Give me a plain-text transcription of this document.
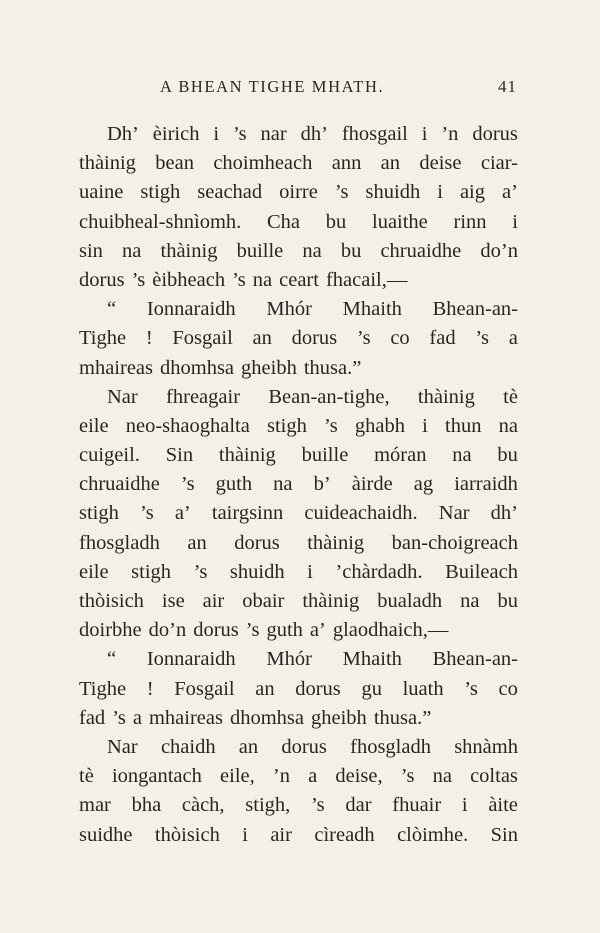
A BHEAN TIGHE MHATH.	41
Dh’ èirich i ’s nar dh’ fhosgail i ’n dorus
thàinig bean choimheach ann an deise ciar-
uaine stigh seachad oirre ’s shuidh i aig a’
chuibheal-shnìomh. Cha bu luaithe rinn i
sin na thàinig buille na bu chruaidhe do’n
dorus ’s èibheach ’s na ceart fhacail,—
“ Ionnaraidh Mhór Mhaith Bhean-an-
Tighe ! Fosgail an dorus ’s co fad ’s a
mhaireas dhomhsa gheibh thusa.”
Nar fhreagair Bean-an-tighe, thàinig tè
eile neo-shaoghalta stigh ’s ghabh i thun na
cuigeil. Sin thàinig buille móran na bu
chruaidhe ’s guth na b’ àirde ag iarraidh
stigh ’s a’ tairgsinn cuideachaidh. Nar dh’
fhosgladh an dorus thàinig ban-choigreach
eile stigh ’s shuidh i ’chàrdadh. Buileach
thòisich ise air obair thàinig bualadh na bu
doirbhe do’n dorus ’s guth a’ glaodhaich,—
“ Ionnaraidh Mhór Mhaith Bhean-an-
Tighe ! Fosgail an dorus gu luath ’s co
fad ’s a mhaireas dhomhsa gheibh thusa.”
Nar chaidh an dorus fhosgladh shnàmh
tè iongantach eile, ’n a deise, ’s na coltas
mar bha càch, stigh, ’s dar fhuair i àite
suidhe thòisich i air cìreadh clòimhe. Sin
